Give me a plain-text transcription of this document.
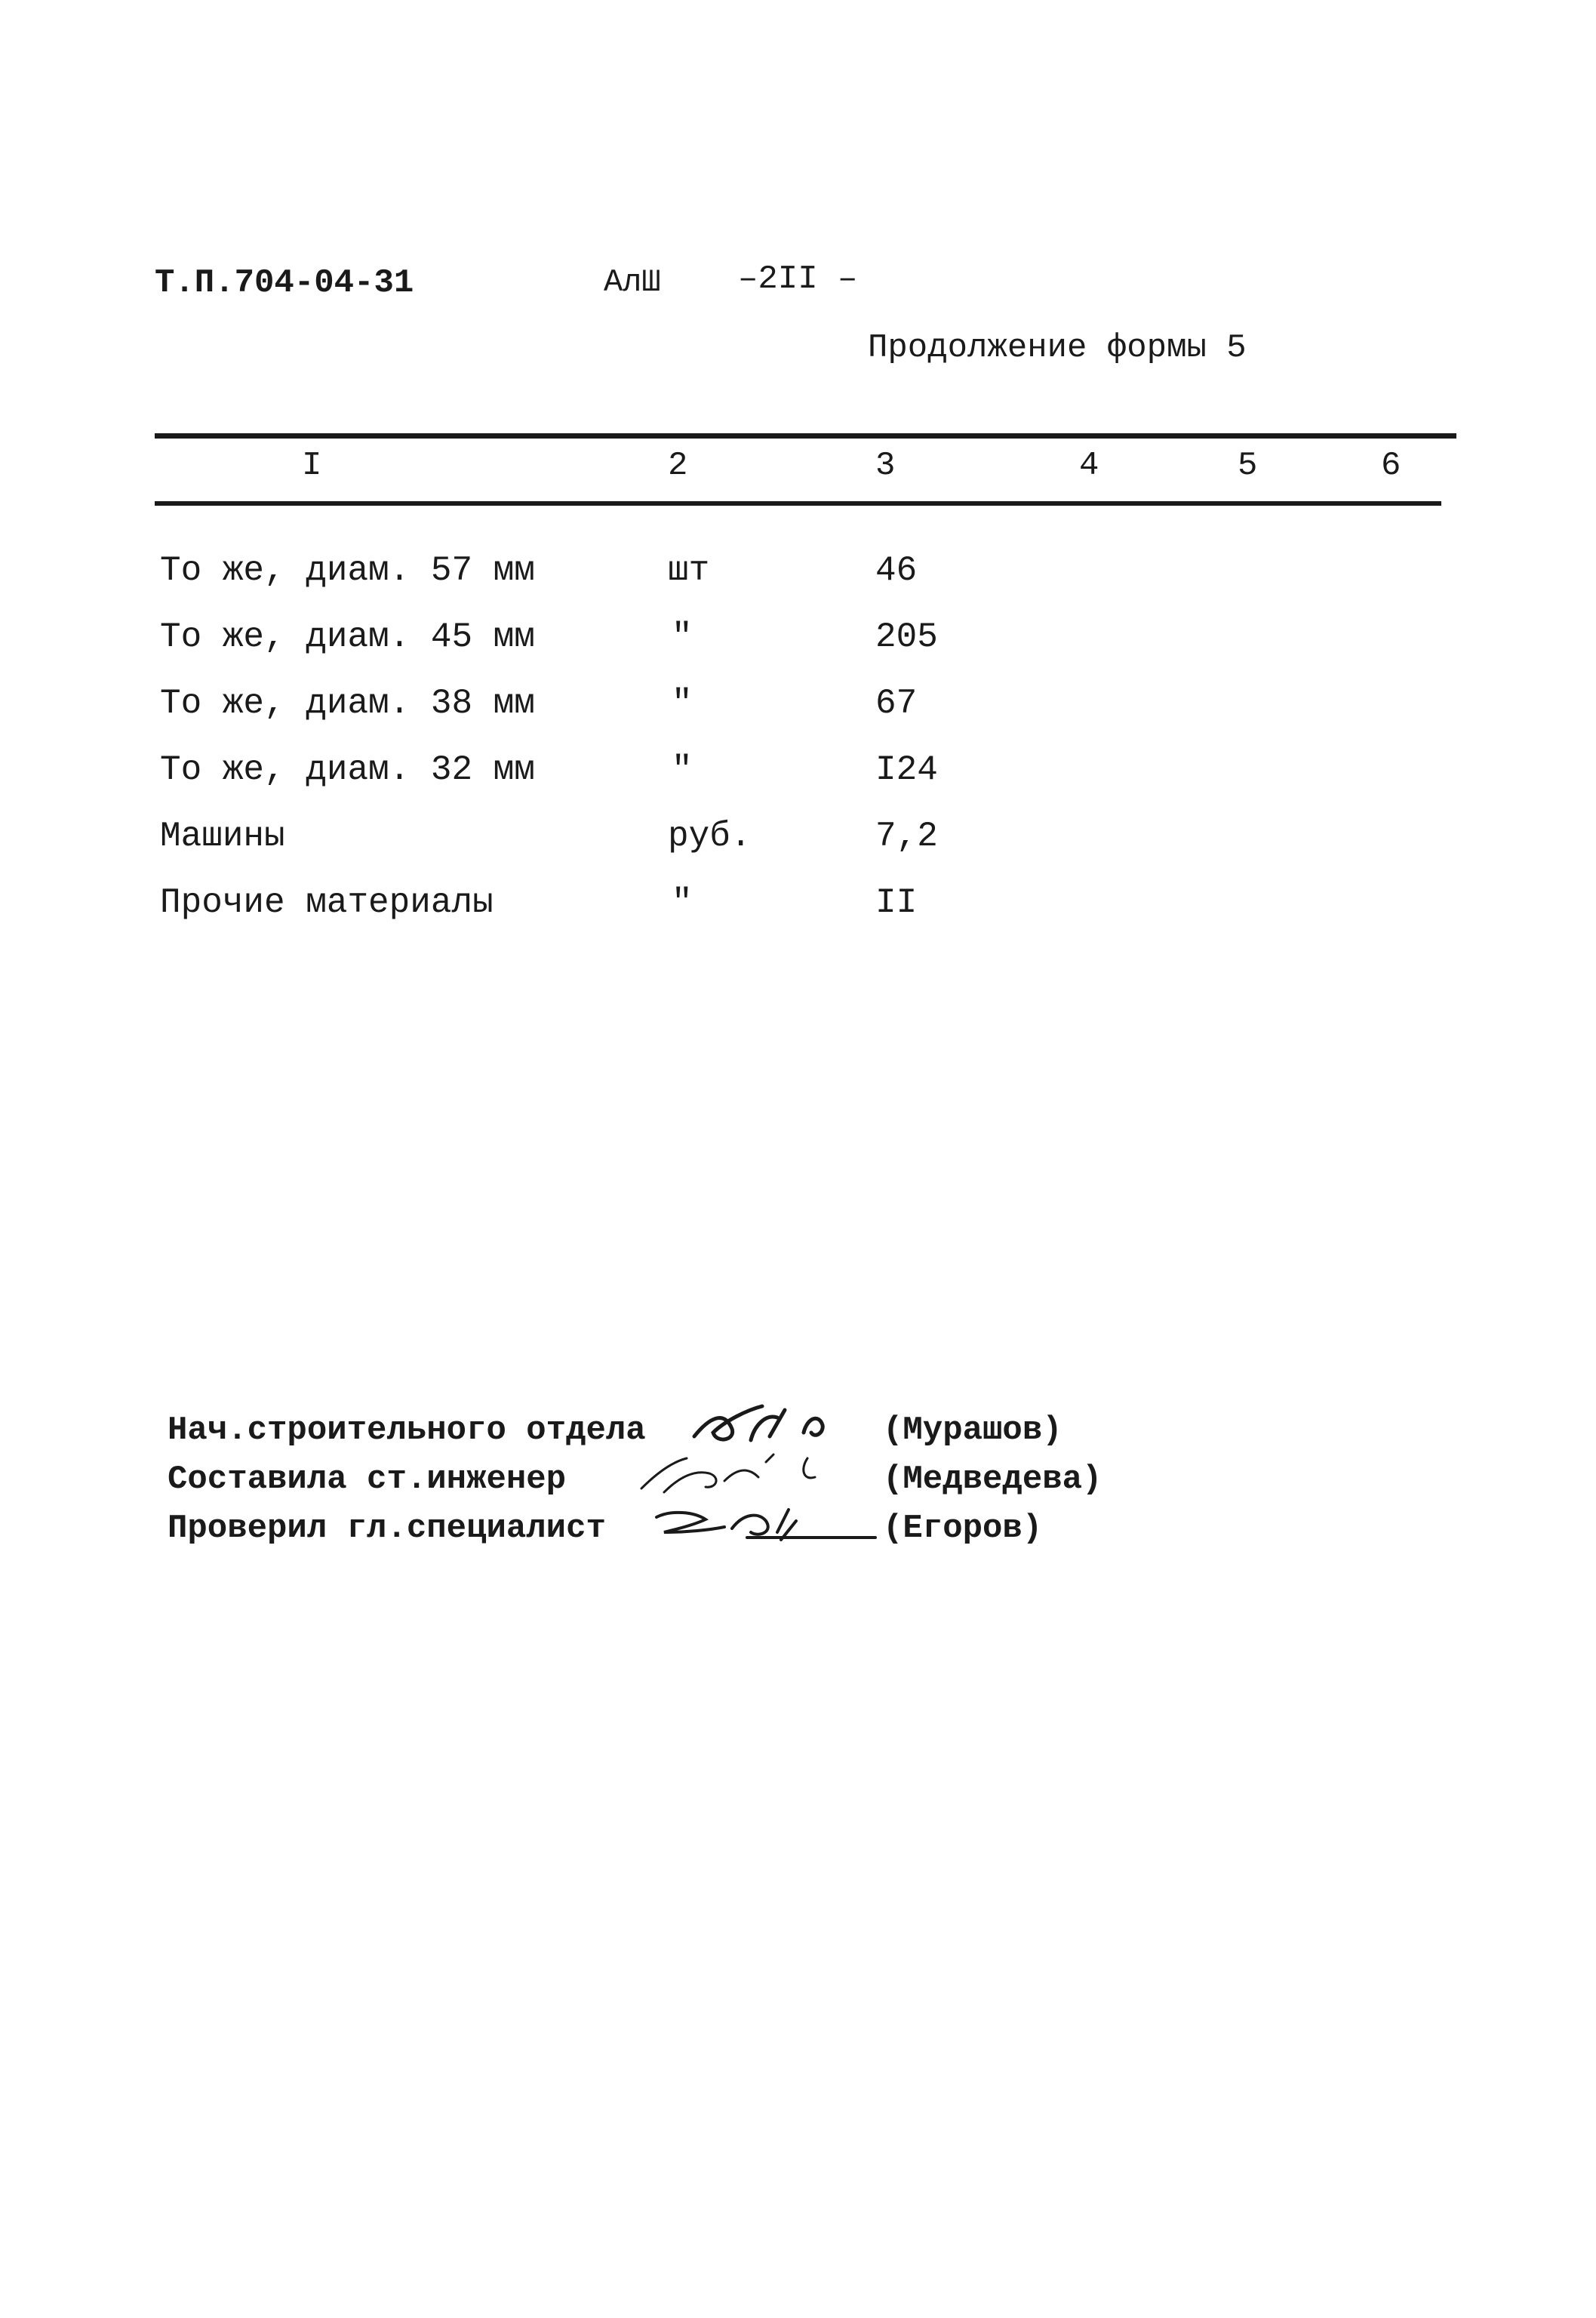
Т.П.704-04-31	АлШ –2II –
Продолжение формы 5
I	2	3	4	5	6
То же, диам. 57 мм	шт	46
То же, диам. 45 мм	"	205
То же, диам. 38 мм	"	67
То же, диам. 32 мм	"	I24
Машины	руб.	7,2
Прочие материалы	"	II
Нач.строительного отдела	(Мурашов)
Составила ст.инженер	(Медведева)
Проверил гл.специалист	(Егоров)
